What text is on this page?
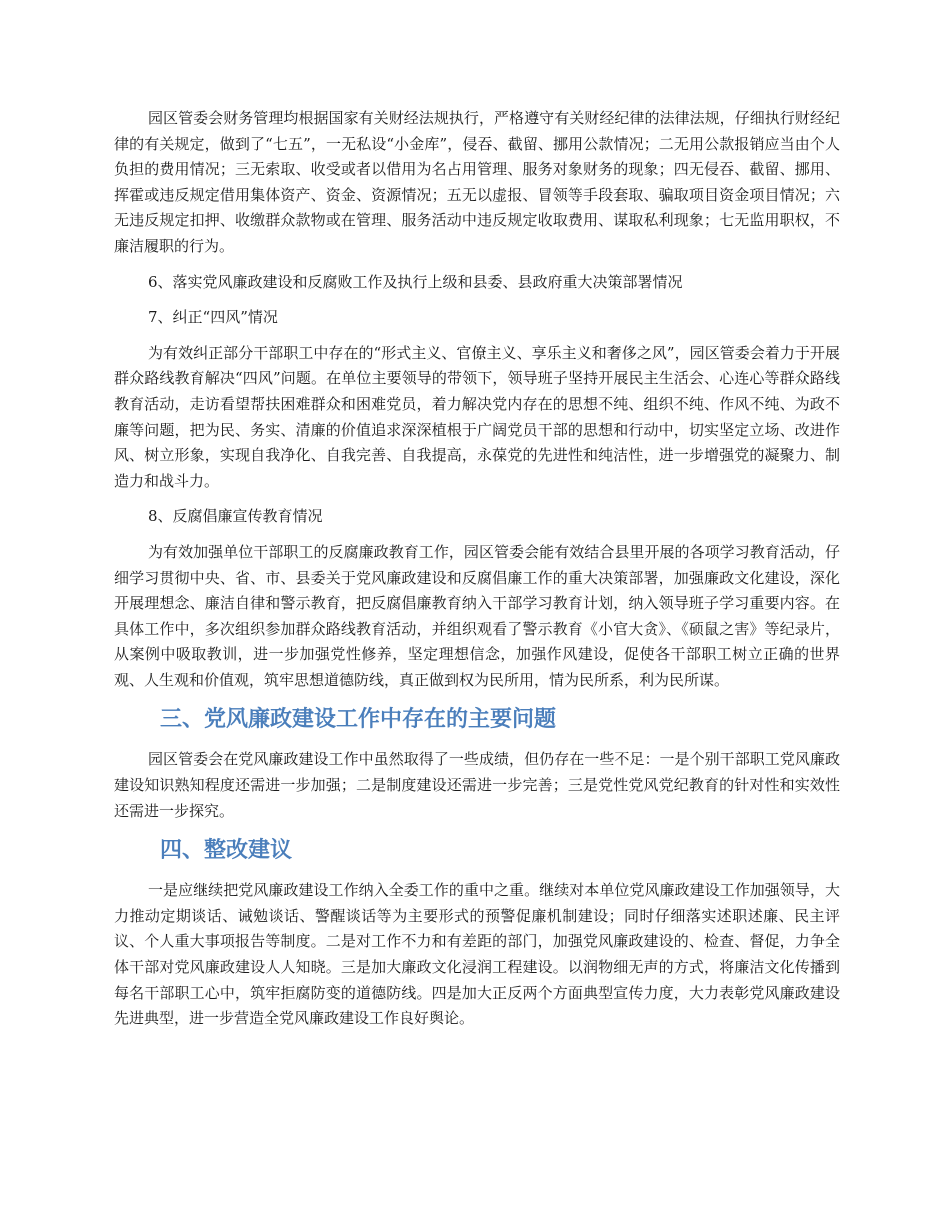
园区管委会财务管理均根据国家有关财经法规执行，严格遵守有关财经纪律的法律法规，仔细执行财经纪律的有关规定，做到了“七五”，一无私设“小金库”，侵吞、截留、挪用公款情况；二无用公款报销应当由个人负担的费用情况；三无索取、收受或者以借用为名占用管理、服务对象财务的现象；四无侵吞、截留、挪用、挥霍或违反规定借用集体资产、资金、资源情况；五无以虚报、冒领等手段套取、骗取项目资金项目情况；六无违反规定扣押、收缴群众款物或在管理、服务活动中违反规定收取费用、谋取私利现象；七无监用职权，不廉洁履职的行为。

6、落实党风廉政建设和反腐败工作及执行上级和县委、县政府重大决策部署情况

7、纠正“四风”情况

为有效纠正部分干部职工中存在的“形式主义、官僚主义、享乐主义和奢侈之风”，园区管委会着力于开展群众路线教育解决“四风”问题。在单位主要领导的带领下，领导班子坚持开展民主生活会、心连心等群众路线教育活动，走访看望帮扶困难群众和困难党员，着力解决党内存在的思想不纯、组织不纯、作风不纯、为政不廉等问题，把为民、务实、清廉的价值追求深深植根于广阔党员干部的思想和行动中，切实坚定立场、改进作风、树立形象，实现自我净化、自我完善、自我提高，永葆党的先进性和纯洁性，进一步增强党的凝聚力、制造力和战斗力。

8、反腐倡廉宣传教育情况

为有效加强单位干部职工的反腐廉政教育工作，园区管委会能有效结合县里开展的各项学习教育活动，仔细学习贯彻中央、省、市、县委关于党风廉政建设和反腐倡廉工作的重大决策部署，加强廉政文化建设，深化开展理想念、廉洁自律和警示教育，把反腐倡廉教育纳入干部学习教育计划，纳入领导班子学习重要内容。在具体工作中，多次组织参加群众路线教育活动，并组织观看了警示教育《小官大贪》、《硕鼠之害》等纪录片，从案例中吸取教训，进一步加强党性修养，坚定理想信念，加强作风建设，促使各干部职工树立正确的世界观、人生观和价值观，筑牢思想道德防线，真正做到权为民所用，情为民所系，利为民所谋。

三、党风廉政建设工作中存在的主要问题

园区管委会在党风廉政建设工作中虽然取得了一些成绩，但仍存在一些不足：一是个别干部职工党风廉政建设知识熟知程度还需进一步加强；二是制度建设还需进一步完善；三是党性党风党纪教育的针对性和实效性还需进一步探究。

四、整改建议

一是应继续把党风廉政建设工作纳入全委工作的重中之重。继续对本单位党风廉政建设工作加强领导，大力推动定期谈话、诫勉谈话、警醒谈话等为主要形式的预警促廉机制建设；同时仔细落实述职述廉、民主评议、个人重大事项报告等制度。二是对工作不力和有差距的部门，加强党风廉政建设的、检查、督促，力争全体干部对党风廉政建设人人知晓。三是加大廉政文化浸润工程建设。以润物细无声的方式，将廉洁文化传播到每名干部职工心中，筑牢拒腐防变的道德防线。四是加大正反两个方面典型宣传力度，大力表彰党风廉政建设先进典型，进一步营造全党风廉政建设工作良好舆论。
